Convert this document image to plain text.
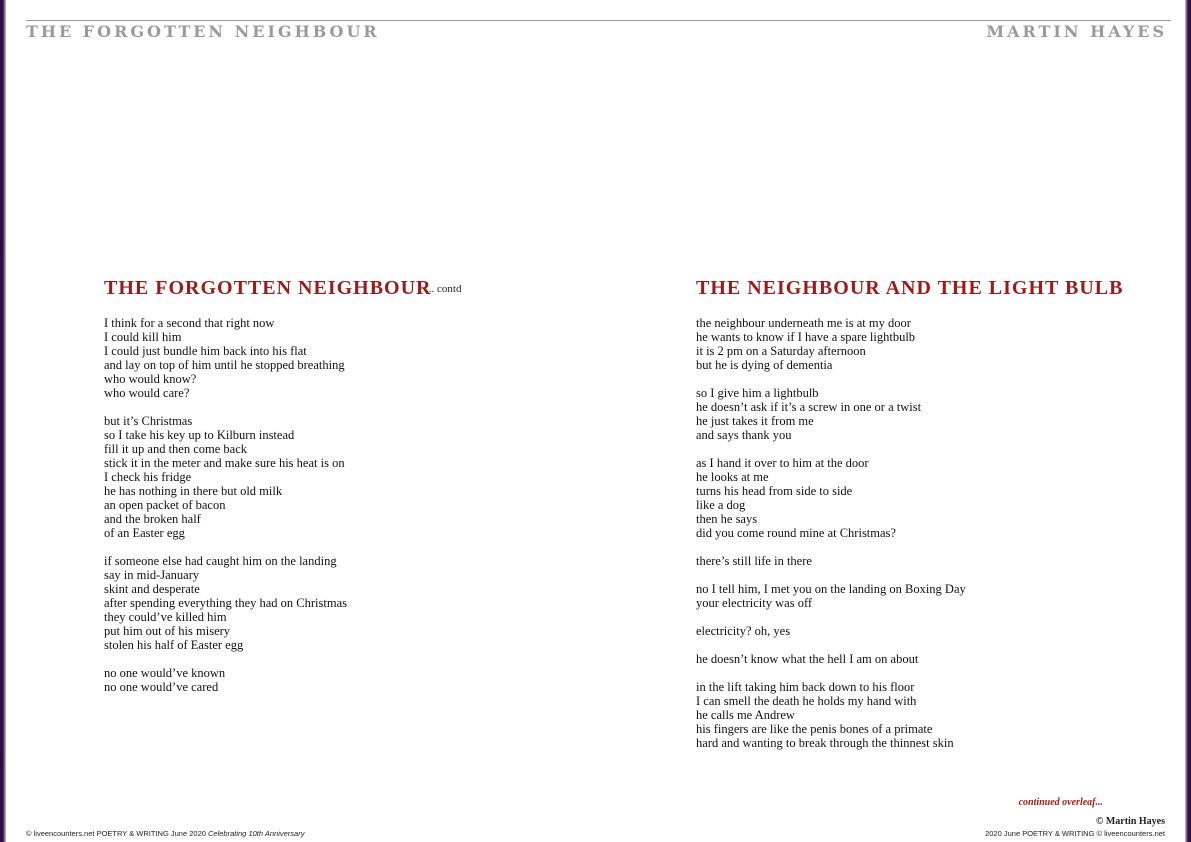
THE FORGOTTEN NEIGHBOUR	MARTIN HAYES
THE FORGOTTEN NEIGHBOUR
... contd
I think for a second that right now
I could kill him
I could just bundle him back into his flat
and lay on top of him until he stopped breathing
who would know?
who would care?
but it’s Christmas
so I take his key up to Kilburn instead
fill it up and then come back
stick it in the meter and make sure his heat is on
I check his fridge
he has nothing in there but old milk
an open packet of bacon
and the broken half
of an Easter egg
if someone else had caught him on the landing
say in mid-January
skint and desperate
after spending everything they had on Christmas
they could’ve killed him
put him out of his misery
stolen his half of Easter egg
no one would’ve known
no one would’ve cared
THE NEIGHBOUR AND THE LIGHT BULB
the neighbour underneath me is at my door
he wants to know if I have a spare lightbulb
it is 2 pm on a Saturday afternoon
but he is dying of dementia
so I give him a lightbulb
he doesn’t ask if it’s a screw in one or a twist
he just takes it from me
and says thank you
as I hand it over to him at the door
he looks at me
turns his head from side to side
like a dog
then he says
did you come round mine at Christmas?
there’s still life in there
no I tell him, I met you on the landing on Boxing Day
your electricity was off
electricity? oh, yes
he doesn’t know what the hell I am on about
in the lift taking him back down to his floor
I can smell the death he holds my hand with
he calls me Andrew
his fingers are like the penis bones of a primate
hard and wanting to break through the thinnest skin
continued overleaf...
© Martin Hayes
© liveencounters.net POETRY & WRITING June 2020 Celebrating 10th Anniversary	2020 June POETRY & WRITING © liveencounters.net
